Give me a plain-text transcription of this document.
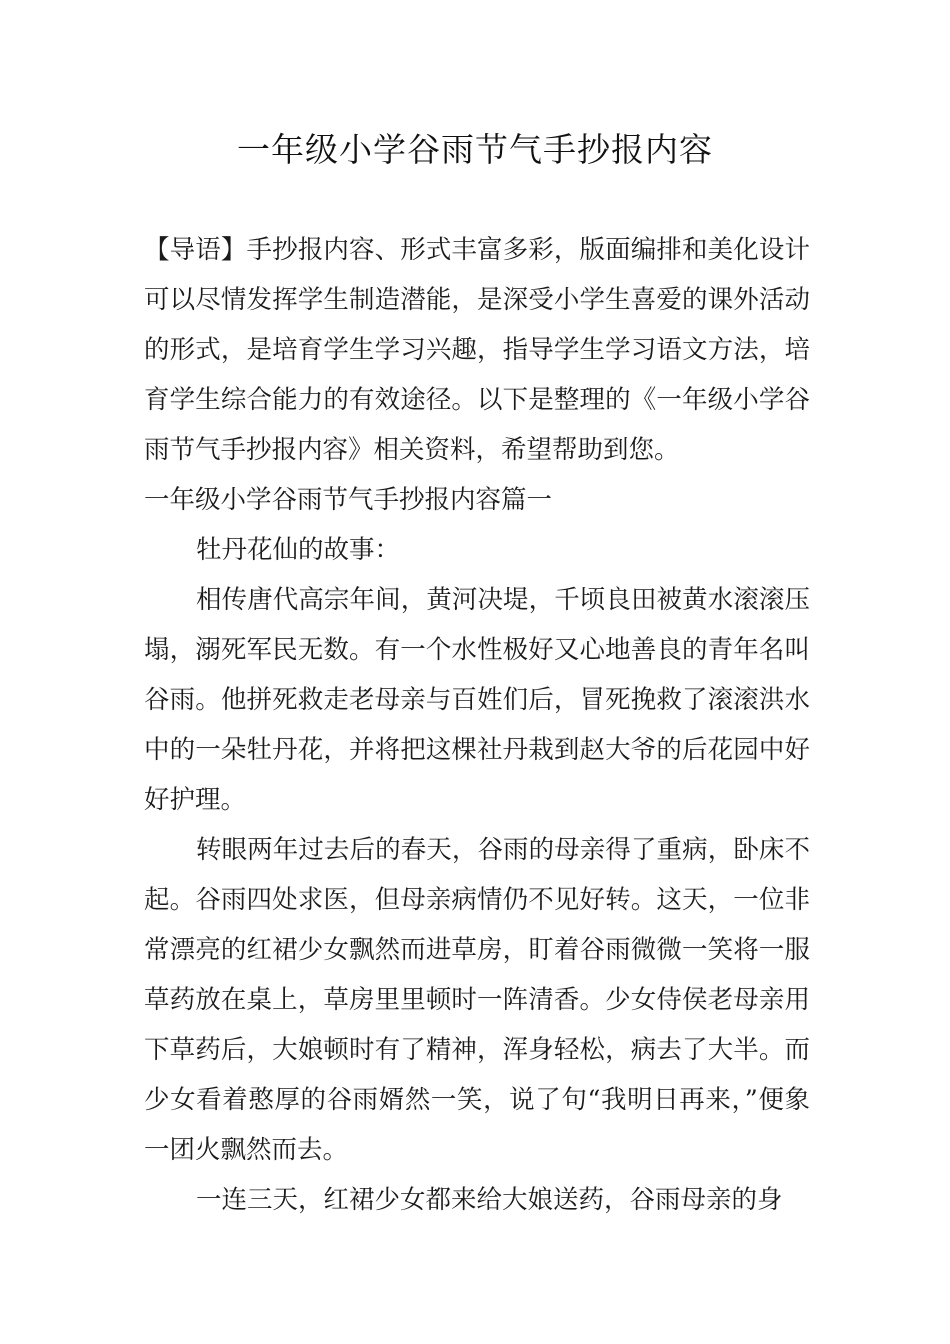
一年级小学谷雨节气手抄报内容

【导语】手抄报内容、形式丰富多彩，版面编排和美化设计可以尽情发挥学生制造潜能，是深受小学生喜爱的课外活动的形式，是培育学生学习兴趣，指导学生学习语文方法，培育学生综合能力的有效途径。以下是整理的《一年级小学谷雨节气手抄报内容》相关资料，希望帮助到您。

一年级小学谷雨节气手抄报内容篇一

牡丹花仙的故事：

相传唐代高宗年间，黄河决堤，千顷良田被黄水滚滚压塌，溺死军民无数。有一个水性极好又心地善良的青年名叫谷雨。他拼死救走老母亲与百姓们后，冒死挽救了滚滚洪水中的一朵牡丹花，并将把这棵社丹栽到赵大爷的后花园中好好护理。

转眼两年过去后的春天，谷雨的母亲得了重病，卧床不起。谷雨四处求医，但母亲病情仍不见好转。这天，一位非常漂亮的红裙少女飘然而进草房，盯着谷雨微微一笑将一服草药放在桌上，草房里里顿时一阵清香。少女侍侯老母亲用下草药后，大娘顿时有了精神，浑身轻松，病去了大半。而少女看着憨厚的谷雨婿然一笑，说了句“我明日再来，”便象一团火飘然而去。

一连三天，红裙少女都来给大娘送药，谷雨母亲的身
